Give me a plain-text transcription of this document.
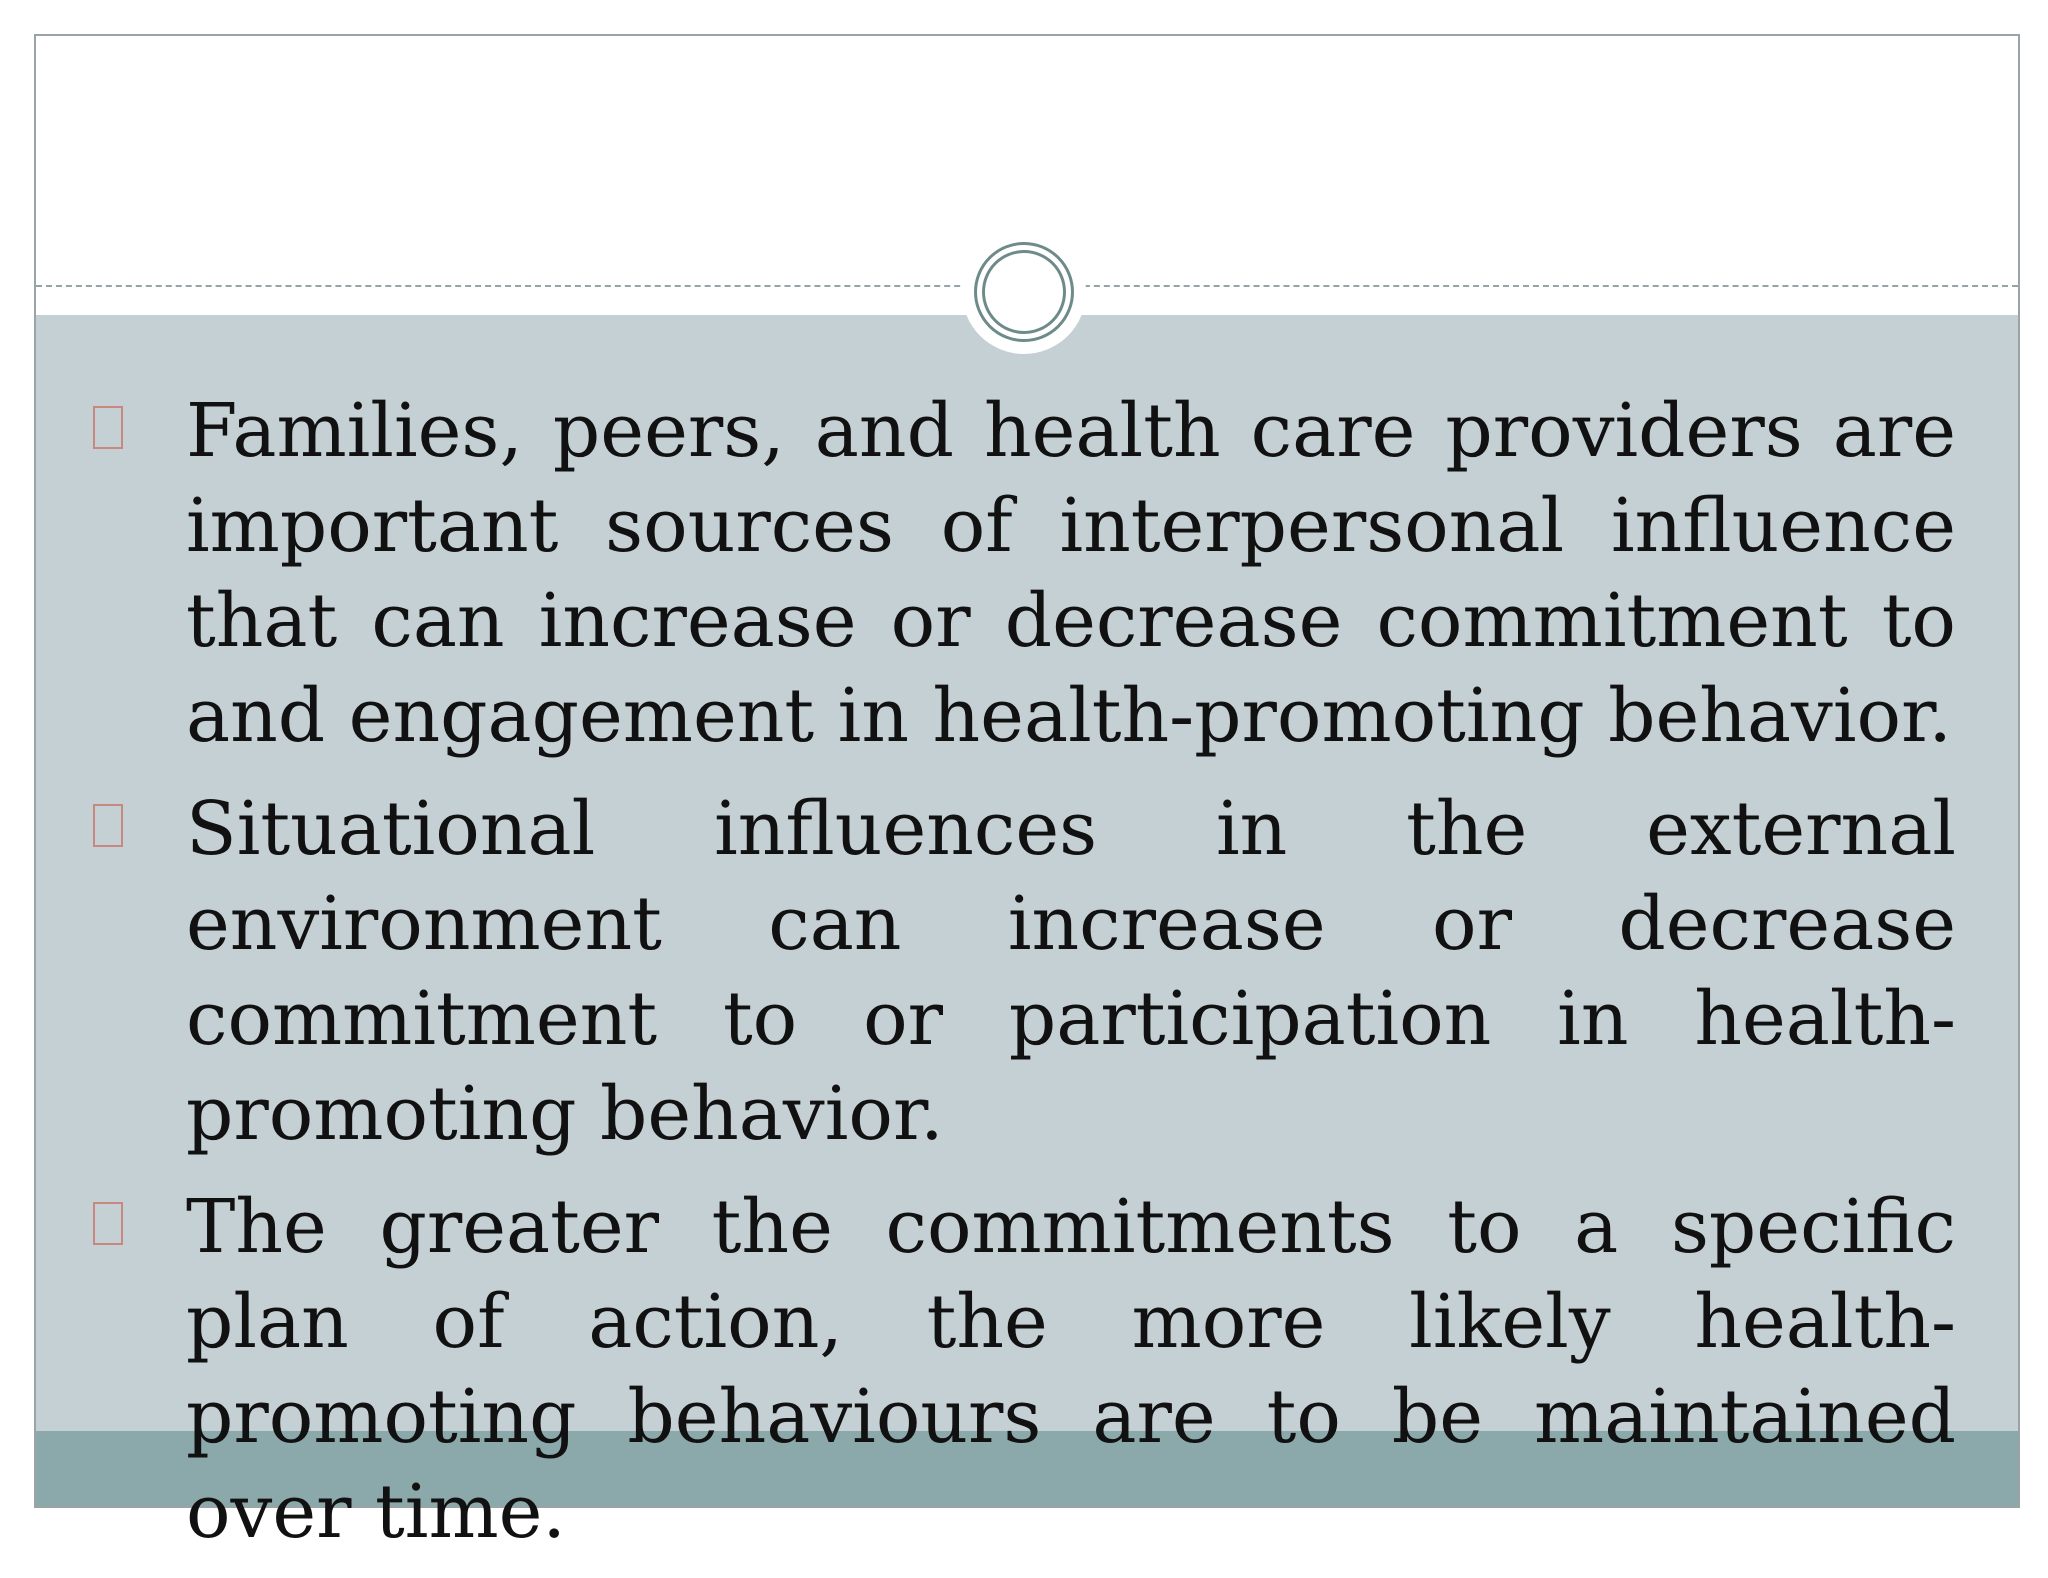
Families, peers, and health care providers are important sources of interpersonal influence that can increase or decrease commitment to and engagement in health-promoting behavior.
Situational influences in the external environment can increase or decrease commitment to or participation in health-promoting behavior.
The greater the commitments to a specific plan of action, the more likely health-promoting behaviours are to be maintained over time.
